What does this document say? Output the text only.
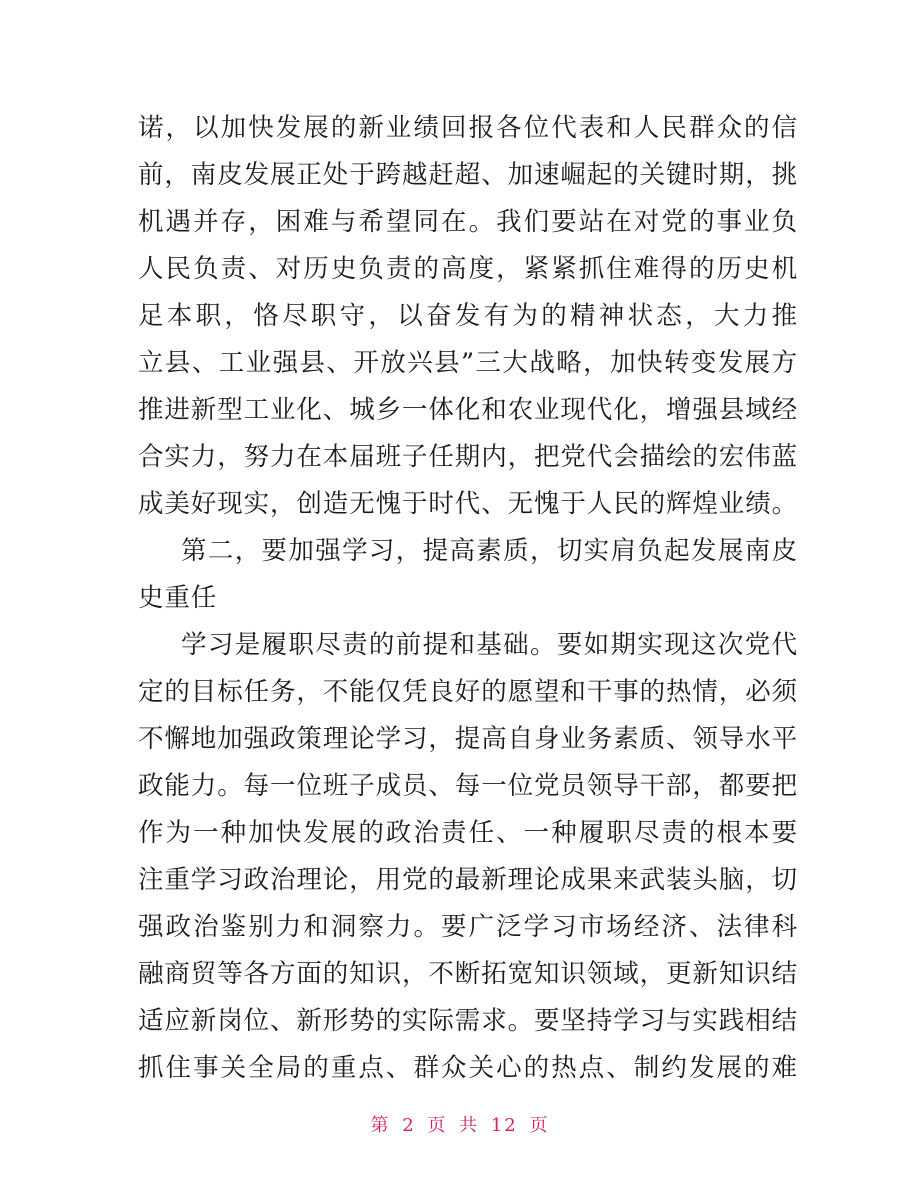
诺，以加快发展的新业绩回报各位代表和人民群众的信
前，南皮发展正处于跨越赶超、加速崛起的关键时期，挑
机遇并存，困难与希望同在。我们要站在对党的事业负
人民负责、对历史负责的高度，紧紧抓住难得的历史机
足本职，恪尽职守，以奋发有为的精神状态，大力推
立县、工业强县、开放兴县”三大战略，加快转变发展方
推进新型工业化、城乡一体化和农业现代化，增强县域经
合实力，努力在本届班子任期内，把党代会描绘的宏伟蓝
成美好现实，创造无愧于时代、无愧于人民的辉煌业绩。
第二，要加强学习，提高素质，切实肩负起发展南皮
史重任
学习是履职尽责的前提和基础。要如期实现这次党代
定的目标任务，不能仅凭良好的愿望和干事的热情，必须
不懈地加强政策理论学习，提高自身业务素质、领导水平
政能力。每一位班子成员、每一位党员领导干部，都要把
作为一种加快发展的政治责任、一种履职尽责的根本要
注重学习政治理论，用党的最新理论成果来武装头脑，切
强政治鉴别力和洞察力。要广泛学习市场经济、法律科
融商贸等各方面的知识，不断拓宽知识领域，更新知识结
适应新岗位、新形势的实际需求。要坚持学习与实践相结
抓住事关全局的重点、群众关心的热点、制约发展的难
第 2 页 共 12 页
